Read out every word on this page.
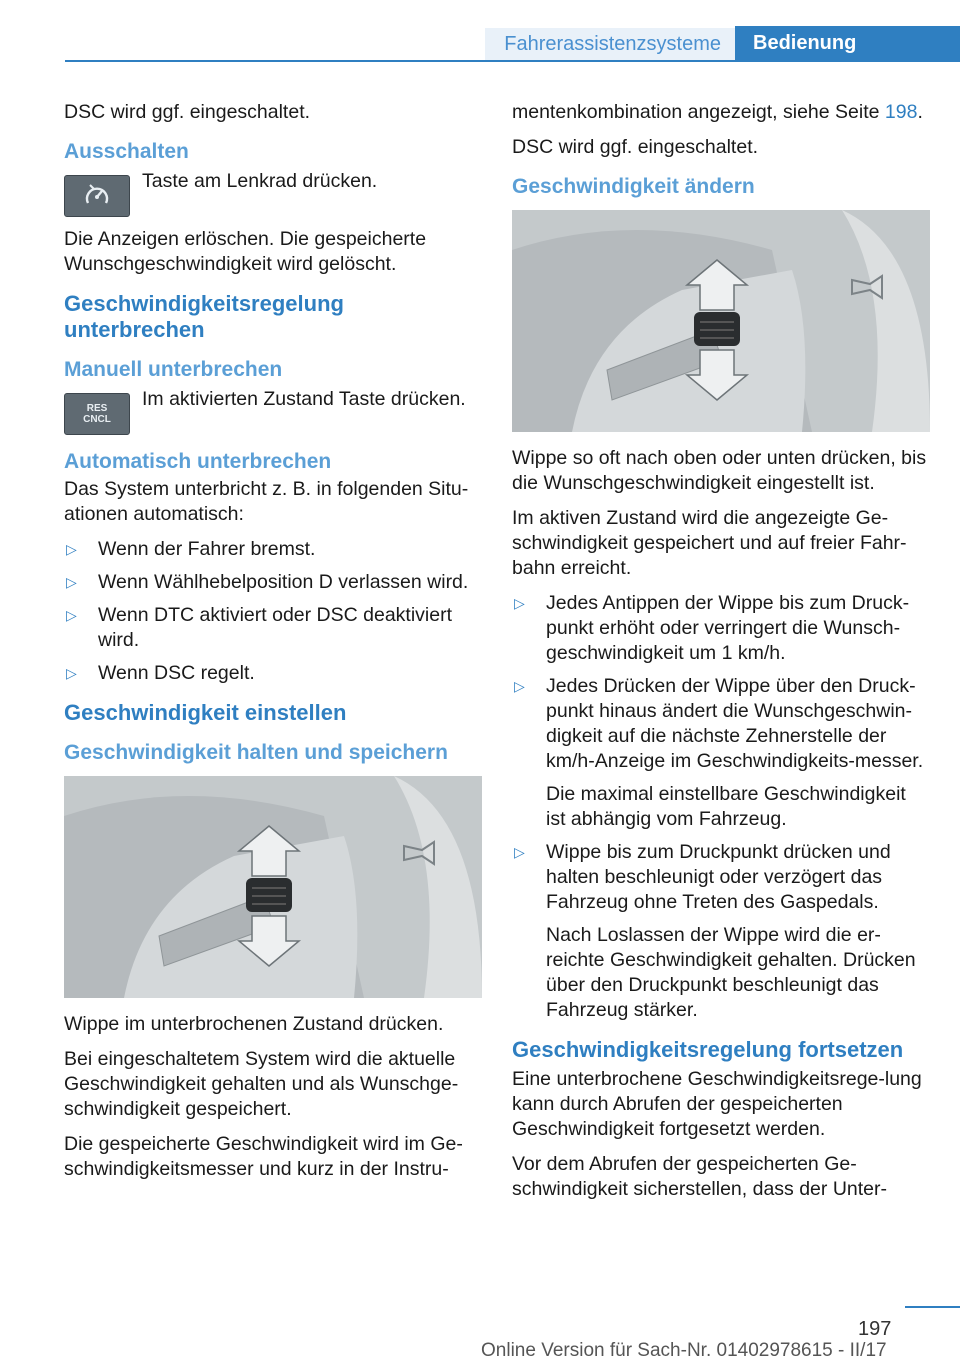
Fahrerassistenzsysteme	Bedienung

DSC wird ggf. eingeschaltet.

Ausschalten
Taste am Lenkrad drücken.

Die Anzeigen erlöschen. Die gespeicherte Wunschgeschwindigkeit wird gelöscht.

Geschwindigkeitsregelung unterbrechen
Manuell unterbrechen
RES
CNCL
Im aktivierten Zustand Taste drücken.
Automatisch unterbrechen

Das System unterbricht z. B. in folgenden Situ-ationen automatisch:

▷ Wenn der Fahrer bremst.
▷ Wenn Wählhebelposition D verlassen wird.
▷ Wenn DTC aktiviert oder DSC deaktiviert wird.
▷ Wenn DSC regelt.
Geschwindigkeit einstellen
Geschwindigkeit halten und speichern

Wippe im unterbrochenen Zustand drücken.

Bei eingeschaltetem System wird die aktuelle Geschwindigkeit gehalten und als Wunschge-schwindigkeit gespeichert.

Die gespeicherte Geschwindigkeit wird im Ge-schwindigkeitsmesser und kurz in der Instru-

mentenkombination angezeigt, siehe Seite 198.

DSC wird ggf. eingeschaltet.

Geschwindigkeit ändern

Wippe so oft nach oben oder unten drücken, bis die Wunschgeschwindigkeit eingestellt ist.

Im aktiven Zustand wird die angezeigte Ge-schwindigkeit gespeichert und auf freier Fahr-bahn erreicht.

▷ Jedes Antippen der Wippe bis zum Druck-punkt erhöht oder verringert die Wunsch-geschwindigkeit um 1 km/h.
▷ Jedes Drücken der Wippe über den Druck-punkt hinaus ändert die Wunschgeschwin-digkeit auf die nächste Zehnerstelle der km/h-Anzeige im Geschwindigkeits-messer.
Die maximal einstellbare Geschwindigkeit ist abhängig vom Fahrzeug.
▷ Wippe bis zum Druckpunkt drücken und halten beschleunigt oder verzögert das Fahrzeug ohne Treten des Gaspedals.
Nach Loslassen der Wippe wird die er-reichte Geschwindigkeit gehalten. Drücken über den Druckpunkt beschleunigt das Fahrzeug stärker.
Geschwindigkeitsregelung fortsetzen

Eine unterbrochene Geschwindigkeitsrege-lung kann durch Abrufen der gespeicherten Geschwindigkeit fortgesetzt werden.

Vor dem Abrufen der gespeicherten Ge-schwindigkeit sicherstellen, dass der Unter-

197
Online Version für Sach-Nr. 01402978615 - II/17
